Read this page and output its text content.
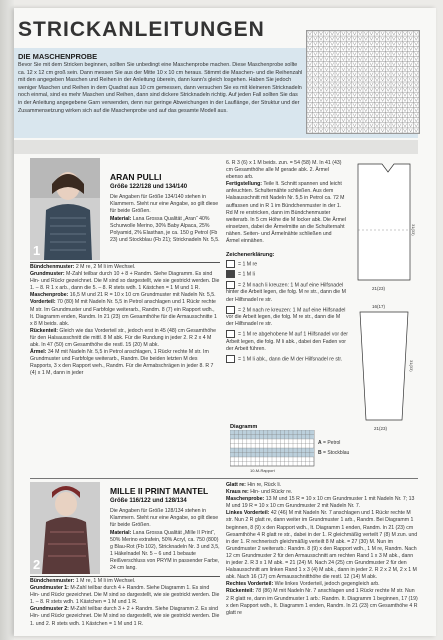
STRICKANLEITUNGEN
DIE MASCHENPROBE
Bevor Sie mit dem Stricken beginnen, sollten Sie unbedingt eine Maschenprobe machen. Diese Maschenprobe sollte ca. 12 x 12 cm groß sein. Dann messen Sie aus der Mitte 10 x 10 cm heraus. Stimmt die Maschen- und die Reihenzahl mit den angegeben Maschen und Reihen in der Anleitung überein, dann kann's gleich losgehen. Haben Sie jedoch weniger Maschen und Reihen in dem Quadrat aus 10 cm gemessen, dann versuchen Sie es mit kleineren Stricknadeln noch einmal, sind es mehr Maschen und Reihen, dann sind dickere Stricknadeln richtig. Auf jeden Fall sollten Sie das in der Anleitung angegebene Garn verwenden, denn nur geringe Abweichungen in der Lauflänge, der Struktur und der Zusammensetzung wirken sich auf die Maschenprobe und auf das gesamte Modell aus.
1
ARAN PULLI
Größe 122/128 und 134/140
Die Angaben für Größe 134/140 stehen in Klammern. Steht nur eine Angabe, so gilt diese für beide Größen.
Material: Lana Grossa Qualität „Aran“ 40% Schurwolle Merino, 30% Baby Alpaca, 25% Polyamid, 2% Elasthan, je ca. 150 g Petrol (Fb 23) und Stockblau (Fb 21); Stricknadeln Nr. 5,5.
Bündchenmuster: 2 M re, 2 M li im Wechsel.
Grundmuster: M-Zahl teilbar durch 10 + 8 + Randm. Siehe Diagramm. Es sind Hin- und Rückr gezeichnet. Die M sind so dargestellt, wie sie gestrickt werden. Die 1. – 8. R 1 x arb., dann die 5. – 8. R stets wdh. 1 Kästchen = 1 M und 1 R.
Maschenprobe: 16,5 M und 21 R = 10 x 10 cm Grundmuster mit Nadeln Nr. 5,5.
Vorderteil: 70 (80) M mit Nadeln Nr. 5,5 in Petrol anschlagen und 1 Rückr rechte M str. Im Grundmuster und Farbfolge weiterarb., Randm. 8 (7) ein Rapport wdh., It. Diagramm enden, Randm. In 21 (23) cm Gesamthöhe für die Armausschnitte 1 x 8 M beids. abk.
Rückenteil: Gleich wie das Vorderteil str., jedoch erst in 45 (48) cm Gesamthöhe für den Halsausschnitt die mittl. 8 M abk. Für die Rundung in jeder 2. R 2 x 4 M abk. In 47 (50) cm Gesamthöhe die restl. 15 (20) M abk.
Ärmel: 34 M mit Nadeln Nr. 5,5 in Petrol anschlagen, 1 Rückr rechte M str. Im Grundmuster und Farbfolge weiterarb., Randm. Die beiden letzten M des Rapports, 3 x den Rapport weh., Randm. Für die Armabschrägen in jeder 8. R 7 (4) x 1 M, dann in jeder
6. R 3 (6) x 1 M beids. zun. = 54 (58) M. In 41 (43) cm Gesamthöhe alle M gerade abk. 2. Ärmel ebenso arb.
Fertigstellung: Teile lt. Schnitt spannen und leicht anfeuchten. Schulternähte schließen. Aus dem Halsausschnitt mit Nadeln Nr. 5,5 in Petrol ca. 72 M auffassen und in R 1 im Bündchenmuster in der 1. Rd M re erstricken, dann im Bündchenmuster weiterarb. In 5 cm Höhe die M locker abk. Die Ärmel einsetzen, dabei die Ärmelmitte an die Schulternaht nähen. Seiten- und Ärmelnähte schließen und Ärmel einnähen.
Zeichenerklärung:
= 1 M re
= 1 M li
= 2 M nach li kreuzen: 1 M auf eine Hilfsnadel hinter die Arbeit legen, die folg. M re str., dann die M der Hilfsnadel re str.
= 2 M nach re kreuzen: 1 M auf eine Hilfsnadel vor die Arbeit legen, die folg. M re str., dann die M der Hilfsnadel re str.
= 1 M re abgehobene M auf 1 Hilfsnadel vor der Arbeit legen, die folg. M li abk., dabei den Faden vor der Arbeit führen.
= 1 M li abk., dann die M der Hilfsnadel re str.
Diagramm
10-M-Rapport
A = Petrol
B = Stockblau
21(23)
31(33)
16(17)
31(33)
21(23)
2
MILLE II PRINT MANTEL
Größe 116/122 und 128/134
Die Angaben für Größe 128/134 stehen in Klammern. Steht nur eine Angabe, so gilt diese für beide Größen.
Material: Lana Grossa Qualität „Mille II Print“, 50% Merino extrafein, 50% Acryl, ca. 750 (800) g Blau-Rot (Fb 102), Stricknadeln Nr. 3 und 3,5, 1 Häkelnadel Nr. 5 – 6 und 1 bebaute Reißverschluss von PRYM in passender Farbe, 24 cm lang.
Bündchenmuster: 1 M re, 1 M li im Wechsel.
Grundmuster 1: M-Zahl teilbar durch 4 + Randm. Siehe Diagramm 1. Es sind Hin- und Rückr gezeichnet. Die M sind so dargestellt, wie sie gestrickt werden. Die 1. – 8. R stets wdh. 1 Kästchen = 1 M und 1 R.
Grundmuster 2: M-Zahl teilbar durch 3 + 2 + Randm. Siehe Diagramm 2. Es sind Hin- und Rückr gezeichnet. Die M sind so dargestellt, wie sie gestrickt werden. Die 1. und 2. R stets wdh. 1 Kästchen = 1 M und 1 R.
Glatt re: Hin re, Rück li.
Kraus re: Hin- und Rückr re.
Maschenprobe: 13 M und 15 R = 10 x 10 cm Grundmuster 1 mit Nadeln Nr. 7; 13 M und 19 R = 10 x 10 cm Grundmuster 2 mit Nadeln Nr. 7.
Linkes Vorderteil: 42 (46) M mit Nadeln Nr. 7 anschlagen und 1 Rückr rechte M str. Nun 2 R glatt re, dann weiter im Grundmuster 1 arb., Randm. Bei Diagramm 1 beginnen, 8 (9) x den Rapport wdh., It. Diagramm 1 enden, Randm. In 21 (23) cm Gesamthöhe 4 R glatt re str., dabei in der 1. R gleichmäßig verteilt 7 (8) M zun. und in der 1. R rechnerisch gleichmäßig verteilt 8 M abk. = 27 (30) M. Nun im Grundmuster 2 weiterarb.: Randm. 8 (9) x den Rapport wdh., 1 M re, Randm. Nach 12 cm Grundmuster 2 für den Armausschnitt am rechten Rand 1 x 3 M abk., dann in jeder 2. R 3 x 1 M abk. = 21 (24) M. Nach 24 (25) cm Grundmuster 2 für den Halsausschnitt am linken Rand 1 x 3 (4) M abk., dann in jeder 2. R 2 x 2 M, 2 x 1 M abk. Nach 16 (17) cm Armausschnitthöhe die restl. 12 (14) M abk.
Rechtes Vorderteil: Wie linkes Vorderteil, jedoch gegengleich arb.
Rückenteil: 78 (86) M mit Nadeln Nr. 7 anschlagen und 1 Rückr rechte M str. Nun 2 R glatt re, dann im Grundmuster 1 arb.: Randm. It. Diagramm 1 beginnen, 17 (19) x den Rapport wdh., It. Diagramm 1 enden, Randm. In 21 (23) cm Gesamthöhe 4 R glatt re
